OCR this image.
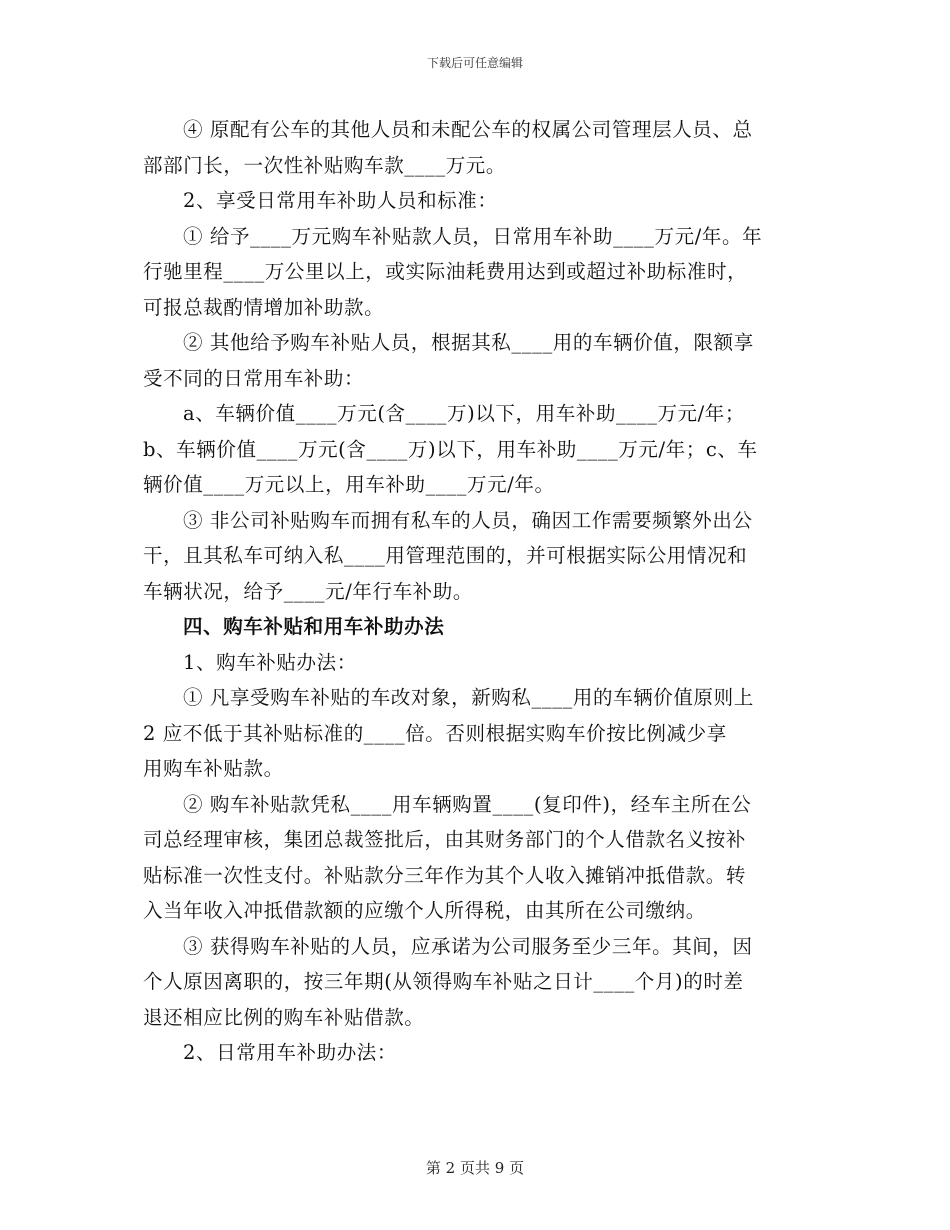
下载后可任意编辑
④ 原配有公车的其他人员和未配公车的权属公司管理层人员、总
部部门长，一次性补贴购车款____万元。
2、享受日常用车补助人员和标准：
① 给予____万元购车补贴款人员，日常用车补助____万元/年。年
行驰里程____万公里以上，或实际油耗费用达到或超过补助标准时，
可报总裁酌情增加补助款。
② 其他给予购车补贴人员，根据其私____用的车辆价值，限额享
受不同的日常用车补助：
a、车辆价值____万元(含____万)以下，用车补助____万元/年；
b、车辆价值____万元(含____万)以下，用车补助____万元/年；c、车
辆价值____万元以上，用车补助____万元/年。
③ 非公司补贴购车而拥有私车的人员，确因工作需要频繁外出公
干，且其私车可纳入私____用管理范围的，并可根据实际公用情况和
车辆状况，给予____元/年行车补助。
四、购车补贴和用车补助办法
1、购车补贴办法：
① 凡享受购车补贴的车改对象，新购私____用的车辆价值原则上
2 应不低于其补贴标准的____倍。否则根据实购车价按比例减少享
用购车补贴款。
② 购车补贴款凭私____用车辆购置____(复印件)，经车主所在公
司总经理审核，集团总裁签批后，由其财务部门的个人借款名义按补
贴标准一次性支付。补贴款分三年作为其个人收入摊销冲抵借款。转
入当年收入冲抵借款额的应缴个人所得税，由其所在公司缴纳。
③ 获得购车补贴的人员，应承诺为公司服务至少三年。其间，因
个人原因离职的，按三年期(从领得购车补贴之日计____个月)的时差
退还相应比例的购车补贴借款。
2、日常用车补助办法：
第 2 页共 9 页
